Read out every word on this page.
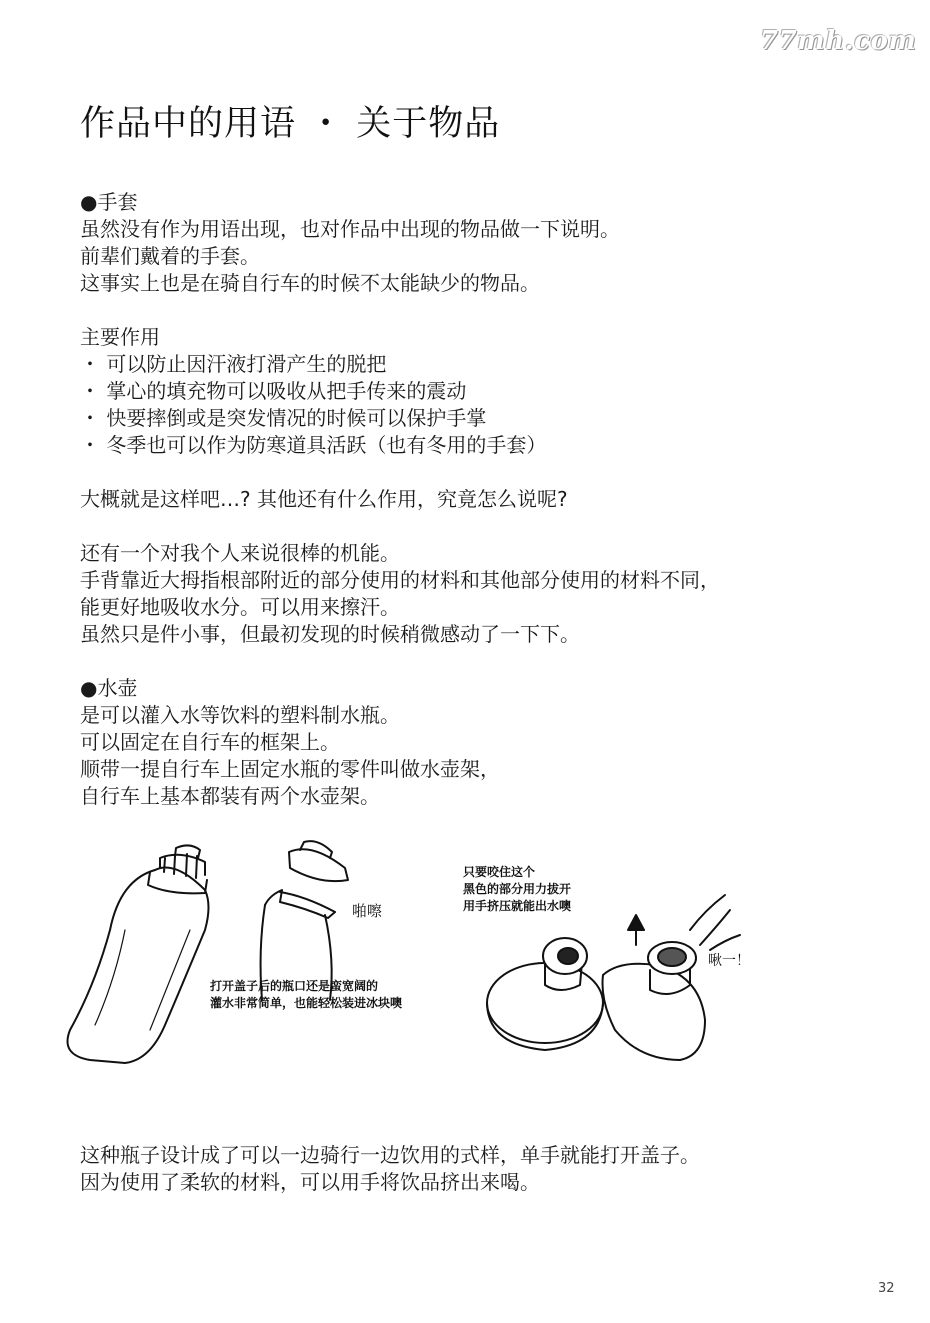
77mh.com
作品中的用语 ・ 关于物品

● 手套

虽然没有作为用语出现，也对作品中出现的物品做一下说明。

前辈们戴着的手套。

这事实上也是在骑自行车的时候不太能缺少的物品。

主要作用

・ 可以防止因汗液打滑产生的脱把

・ 掌心的填充物可以吸收从把手传来的震动

・ 快要摔倒或是突发情况的时候可以保护手掌

・ 冬季也可以作为防寒道具活跃（也有冬用的手套）

大概就是这样吧…? 其他还有什么作用，究竟怎么说呢?

还有一个对我个人来说很棒的机能。

手背靠近大拇指根部附近的部分使用的材料和其他部分使用的材料不同，

能更好地吸收水分。可以用来擦汗。

虽然只是件小事，但最初发现的时候稍微感动了一下下。

● 水壶

是可以灌入水等饮料的塑料制水瓶。

可以固定在自行车的框架上。

顺带一提自行车上固定水瓶的零件叫做水壶架，

自行车上基本都装有两个水壶架。

啪嚓
打开盖子后的瓶口还是蛮宽阔的
灌水非常简单，也能轻松装进冰块噢
只要咬住这个
黑色的部分用力拔开
用手挤压就能出水噢
啾一！

这种瓶子设计成了可以一边骑行一边饮用的式样，单手就能打开盖子。

因为使用了柔软的材料，可以用手将饮品挤出来喝。

32
